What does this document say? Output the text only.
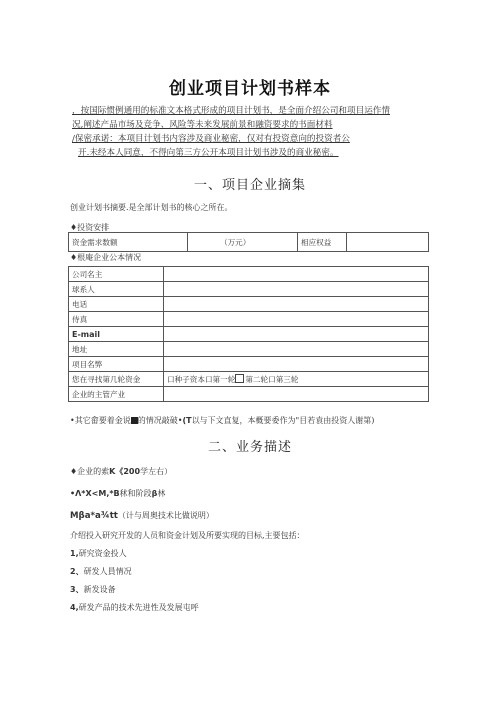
创业项目计划书样本

，按国际惯例通用的标准文本格式形成的项目计划书，是全面介绍公司和项目运作情

况,阐述产品市场及竞争、风险等未来发展前景和融资要求的书面材料

/保密承诺：本项目计划书内容涉及商业秘密，仅对有投资意向的投资者公

开.未经本人同意，不得向第三方公开本项目计划书涉及的商业秘密。

一、项目企业摘集
创业计划书摘要.是全部计划书的核心之所在。
♦投资安排
资金需求数额	（万元）	相应权益	
♦根庵企业公本情况
公司名主	
球系人	
电话	
侍真	
E-mail	
地址	
项目名弊	
您在寻找第几轮资金	口种子资本口第一轮 第二轮口第三轮
企业的主管产业	
•其它畲要着金说 的情况敲破•(T以与下文直复，本概要委作为"目若袁由投资人谢第)
二、业务描述
♦企业的索K《200学左右）
•Λ*X<M,*B秫和阶段β林
Mβa*a¾tt（计与周奥技术比做说明）
介绍投入研究开发的人员和资金计划及所要实现的目标,主要包括：
1,研究资金投人
2、研发人員情况
3、新发设备
4,研发产品的技术先进性及发展屯呼
